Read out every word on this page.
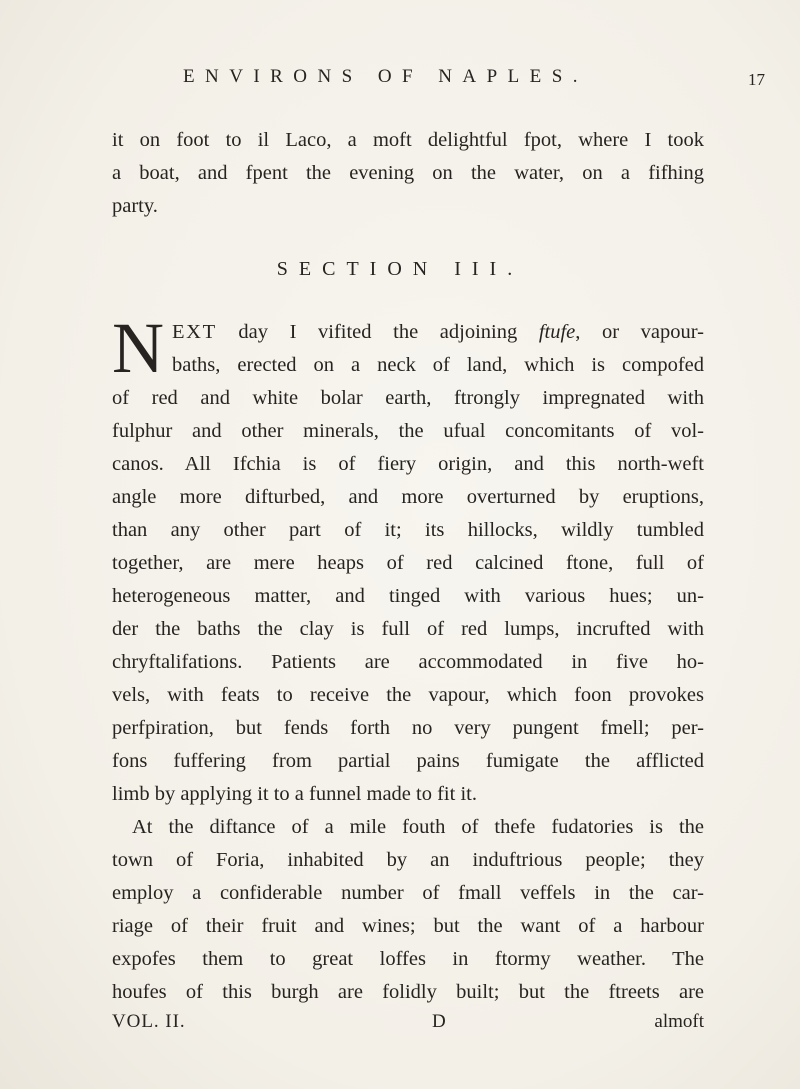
ENVIRONS OF NAPLES.	17
it on foot to il Laco, a moft delightful fpot, where I took
a boat, and fpent the evening on the water, on a fifhing
party.
SECTION III.
N EXT day I vifited the adjoining ftufe, or vapour-
baths, erected on a neck of land, which is compofed
of red and white bolar earth, ftrongly impregnated with
fulphur and other minerals, the ufual concomitants of vol-
canos. All Ifchia is of fiery origin, and this north-weft
angle more difturbed, and more overturned by eruptions,
than any other part of it; its hillocks, wildly tumbled
together, are mere heaps of red calcined ftone, full of
heterogeneous matter, and tinged with various hues; un-
der the baths the clay is full of red lumps, incrufted with
chryftalifations. Patients are accommodated in five ho-
vels, with feats to receive the vapour, which foon provokes
perfpiration, but fends forth no very pungent fmell; per-
fons fuffering from partial pains fumigate the afflicted
limb by applying it to a funnel made to fit it.
At the diftance of a mile fouth of thefe fudatories is the
town of Foria, inhabited by an induftrious people; they
employ a confiderable number of fmall veffels in the car-
riage of their fruit and wines; but the want of a harbour
expofes them to great loffes in ftormy weather. The
houfes of this burgh are folidly built; but the ftreets are
VOL. II.	D	almoft
